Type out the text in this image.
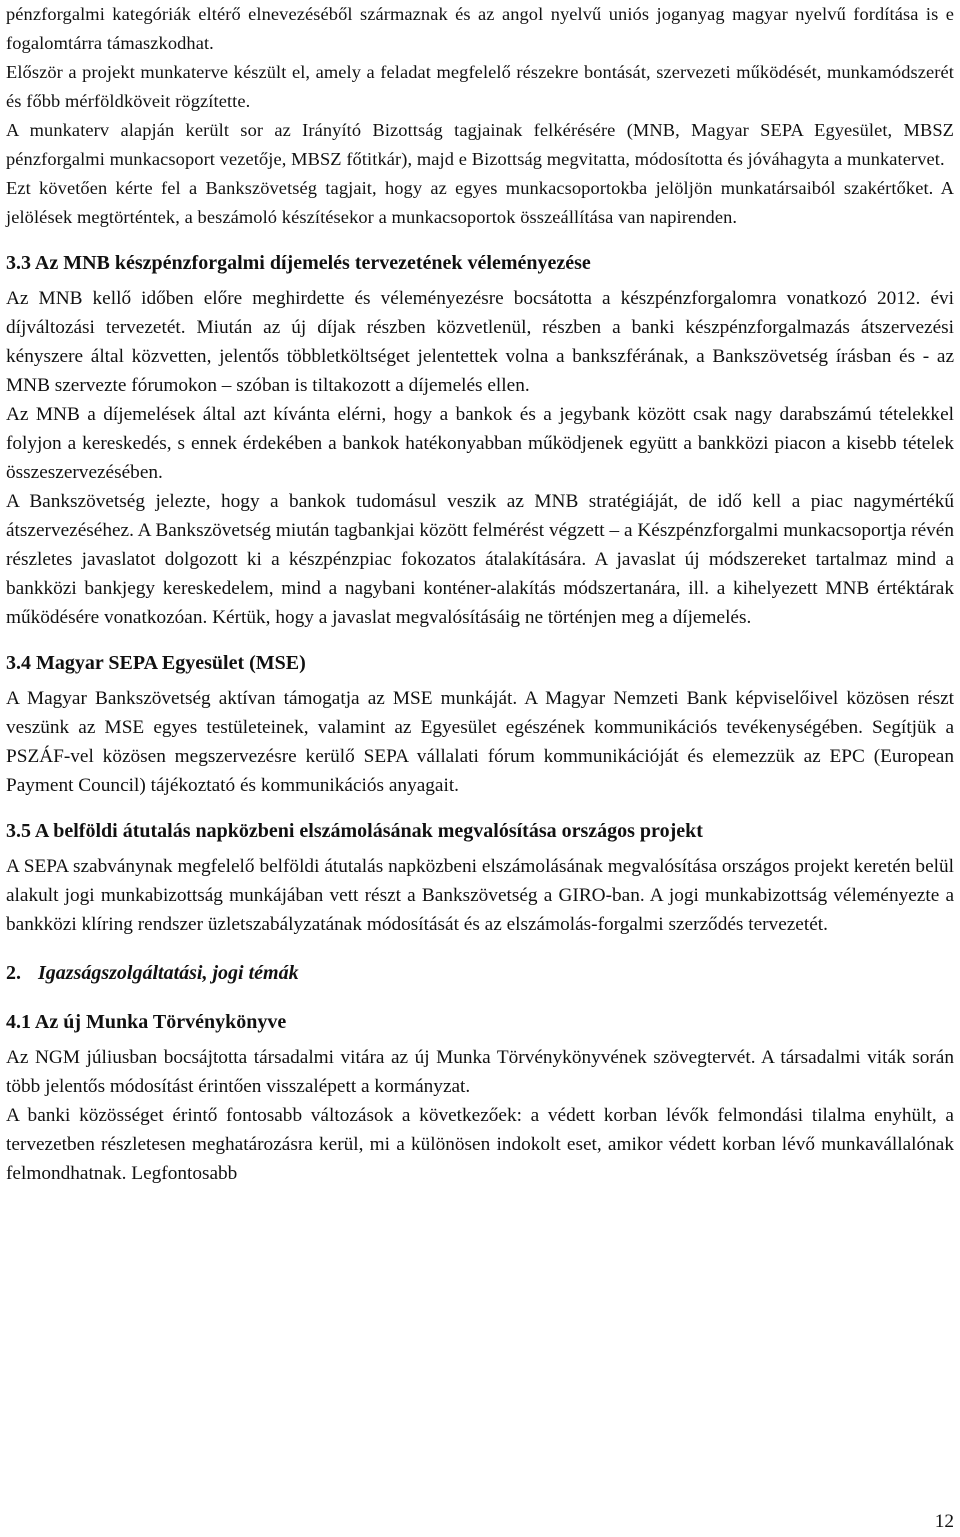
pénzforgalmi kategóriák eltérő elnevezéséből származnak és az angol nyelvű uniós joganyag magyar nyelvű fordítása is e fogalomtárra támaszkodhat.

Először a projekt munkaterve készült el, amely a feladat megfelelő részekre bontását, szervezeti működését, munkamódszerét és főbb mérföldköveit rögzítette.

A munkaterv alapján került sor az Irányító Bizottság tagjainak felkérésére (MNB, Magyar SEPA Egyesület, MBSZ pénzforgalmi munkacsoport vezetője, MBSZ főtitkár), majd e Bizottság megvitatta, módosította és jóváhagyta a munkatervet.

Ezt követően kérte fel a Bankszövetség tagjait, hogy az egyes munkacsoportokba jelöljön munkatársaiból szakértőket. A jelölések megtörténtek, a beszámoló készítésekor a munkacsoportok összeállítása van napirenden.

3.3 Az MNB készpénzforgalmi díjemelés tervezetének véleményezése

Az MNB kellő időben előre meghirdette és véleményezésre bocsátotta a készpénzforgalomra vonatkozó 2012. évi díjváltozási tervezetét. Miután az új díjak részben közvetlenül, részben a banki készpénzforgalmazás átszervezési kényszere által közvetten, jelentős többletköltséget jelentettek volna a bankszférának, a Bankszövetség írásban és - az MNB szervezte fórumokon – szóban is tiltakozott a díjemelés ellen.

Az MNB a díjemelések által azt kívánta elérni, hogy a bankok és a jegybank között csak nagy darabszámú tételekkel folyjon a kereskedés, s ennek érdekében a bankok hatékonyabban működjenek együtt a bankközi piacon a kisebb tételek összeszervezésében.

A Bankszövetség jelezte, hogy a bankok tudomásul veszik az MNB stratégiáját, de idő kell a piac nagymértékű átszervezéséhez. A Bankszövetség miután tagbankjai között felmérést végzett – a Készpénzforgalmi munkacsoportja révén részletes javaslatot dolgozott ki a készpénzpiac fokozatos átalakítására. A javaslat új módszereket tartalmaz mind a bankközi bankjegy kereskedelem, mind a nagybani konténer-alakítás módszertanára, ill. a kihelyezett MNB értéktárak működésére vonatkozóan. Kértük, hogy a javaslat megvalósításáig ne történjen meg a díjemelés.

3.4 Magyar SEPA Egyesület (MSE)

A Magyar Bankszövetség aktívan támogatja az MSE munkáját. A Magyar Nemzeti Bank képviselőivel közösen részt veszünk az MSE egyes testületeinek, valamint az Egyesület egészének kommunikációs tevékenységében. Segítjük a PSZÁF-vel közösen megszervezésre kerülő SEPA vállalati fórum kommunikációját és elemezzük az EPC (European Payment Council) tájékoztató és kommunikációs anyagait.

3.5 A belföldi átutalás napközbeni elszámolásának megvalósítása országos projekt

A SEPA szabványnak megfelelő belföldi átutalás napközbeni elszámolásának megvalósítása országos projekt keretén belül alakult jogi munkabizottság munkájában vett részt a Bankszövetség a GIRO-ban. A jogi munkabizottság véleményezte a bankközi klíring rendszer üzletszabályzatának módosítását és az elszámolás-forgalmi szerződés tervezetét.

2. Igazságszolgáltatási, jogi témák
4.1 Az új Munka Törvénykönyve

Az NGM júliusban bocsájtotta társadalmi vitára az új Munka Törvénykönyvének szövegtervét. A társadalmi viták során több jelentős módosítást érintően visszalépett a kormányzat.

A banki közösséget érintő fontosabb változások a következőek: a védett korban lévők felmondási tilalma enyhült, a tervezetben részletesen meghatározásra kerül, mi a különösen indokolt eset, amikor védett korban lévő munkavállalónak felmondhatnak. Legfontosabb

12
